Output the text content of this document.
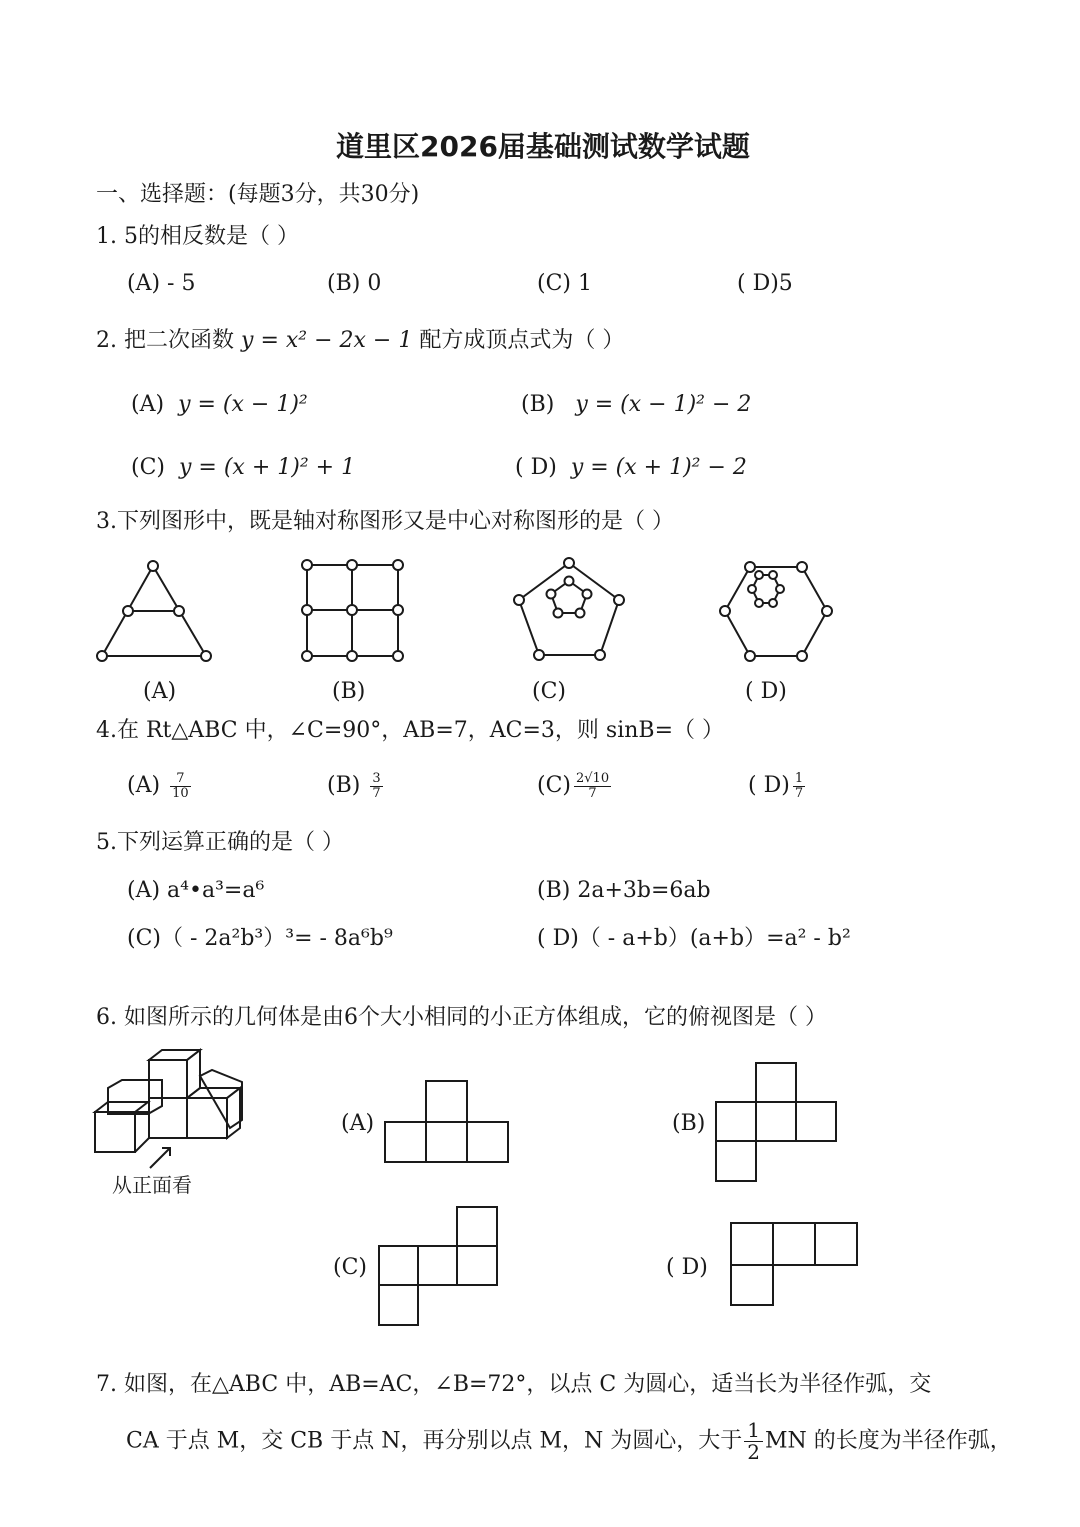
道里区2026届基础测试数学试题
一、选择题：(每题3分，共30分)
1. 5的相反数是（ ）
(A) - 5	(B) 0	(C) 1	( D)5
2. 把二次函数 y = x² − 2x − 1 配方成顶点式为（ ）
(A) y = (x − 1)²	(B) y = (x − 1)² − 2
(C) y = (x + 1)² + 1	( D) y = (x + 1)² − 2
3.下列图形中，既是轴对称图形又是中心对称图形的是（ ）
(A)	(B)	(C)	( D)
4.在 Rt△ABC 中，∠C=90°，AB=7，AC=3，则 sinB=（ ）
$(A) \frac{7}{10}$	$(B) \frac{3}{7}$	$(C) \frac{2√10}{7}$	( $D) \frac{1}{7}$
5.下列运算正确的是（ ）
(A) a⁴•a³=a⁶	(B) 2a+3b=6ab
(C)（ - 2a²b³）³= - 8a⁶b⁹	( D)（ - a+b）(a+b）=a² - b²
6. 如图所示的几何体是由6个大小相同的小正方体组成，它的俯视图是（ ）
从正面看
(A)	(B)
(C)	( D)
7. 如图，在△ABC 中，AB=AC，∠B=72°，以点 C 为圆心，适当长为半径作弧，交
CA 于点 M，交 CB 于点 N，再分别以点 M，N 为圆心，大于 $\frac{1}{2}$ MN 的长度为半径作弧，
